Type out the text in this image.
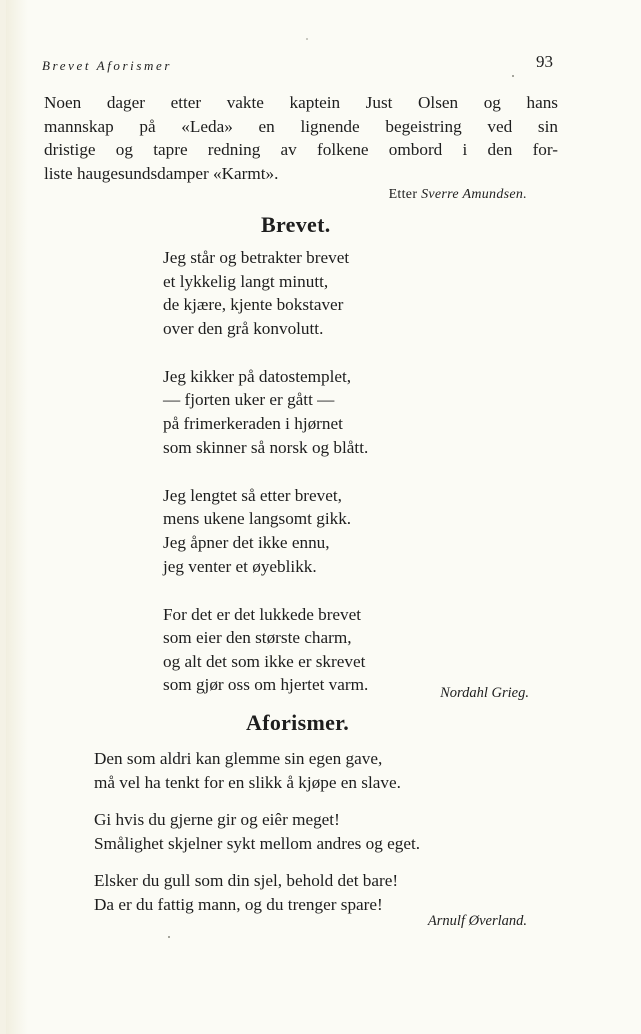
Brevet Aforismer	93
Noen dager etter vakte kaptein Just Olsen og hans
mannskap på «Leda» en lignende begeistring ved sin
dristige og tapre redning av folkene ombord i den for-
liste haugesundsdamper «Karmt».
Etter Sverre Amundsen.
Brevet.
Jeg står og betrakter brevet
et lykkelig langt minutt,
de kjære, kjente bokstaver
over den grå konvolutt.
Jeg kikker på datostemplet,
— fjorten uker er gått —
på frimerkeraden i hjørnet
som skinner så norsk og blått.
Jeg lengtet så etter brevet,
mens ukene langsomt gikk.
Jeg åpner det ikke ennu,
jeg venter et øyeblikk.
For det er det lukkede brevet
som eier den største charm,
og alt det som ikke er skrevet
som gjør oss om hjertet varm.	Nordahl Grieg.
Aforismer.
Den som aldri kan glemme sin egen gave,
må vel ha tenkt for en slikk å kjøpe en slave.
Gi hvis du gjerne gir og eiêr meget!
Smålighet skjelner sykt mellom andres og eget.
Elsker du gull som din sjel, behold det bare!
Da er du fattig mann, og du trenger spare!
Arnulf Øverland.
